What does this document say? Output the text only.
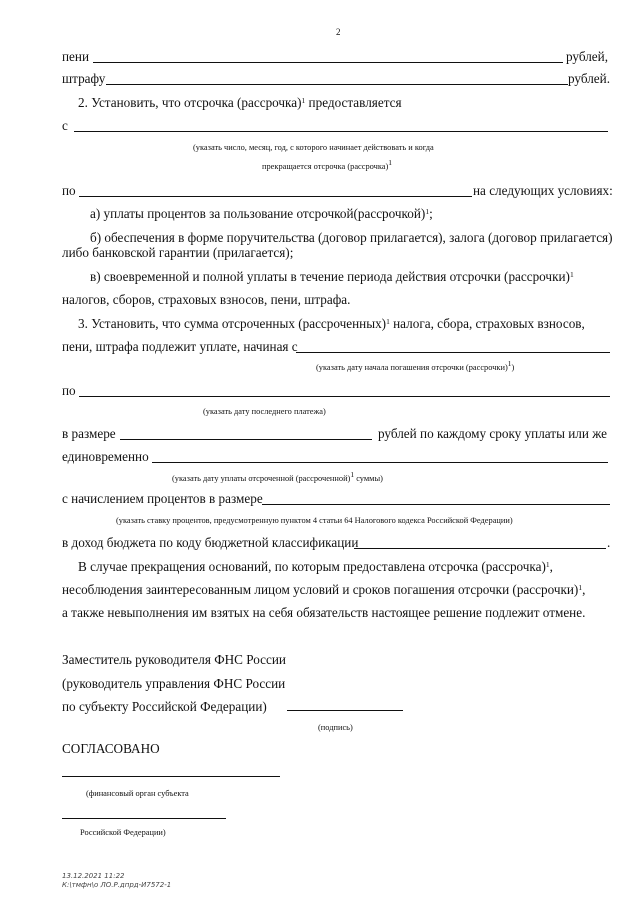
2
пени	рублей,
штрафу	рублей.
2. Установить, что отсрочка (рассрочка)$^1$ предоставляется
с
(указать число, месяц, год, с которого начинает действовать и когда
прекращается отсрочка (рассрочка)$^1$
по	на следующих условиях:
а) уплаты процентов за пользование отсрочкой(рассрочкой)$^1$;
б) обеспечения в форме поручительства (договор прилагается), залога (договор прилагается)
либо банковской гарантии (прилагается);
в) своевременной и полной уплаты в течение периода действия отсрочки (рассрочки)$^1$
налогов, сборов, страховых взносов, пени, штрафа.
3. Установить, что сумма отсроченных (рассроченных)$^1$ налога, сбора, страховых взносов,
пени, штрафа подлежит уплате, начиная с
(указать дату начала погашения отсрочки (рассрочки)$^1$)
по
(указать дату последнего платежа)
в размере	рублей по каждому сроку уплаты или же
единовременно
(указать дату уплаты отсроченной (рассроченной)$^1$ суммы)
с начислением процентов в размере
(указать ставку процентов, предусмотренную пунктом 4 статьи 64 Налогового кодекса Российской Федерации)
в доход бюджета по коду бюджетной классификации	.
В случае прекращения оснований, по которым предоставлена отсрочка (рассрочка)$^1$,
несоблюдения заинтересованным лицом условий и сроков погашения отсрочки (рассрочки)$^1$,
а также невыполнения им взятых на себя обязательств настоящее решение подлежит отмене.
Заместитель руководителя ФНС России
(руководитель управления ФНС России
по субъекту Российской Федерации)
(подпись)
СОГЛАСОВАНО
(финансовый орган субъекта
Российской Федерации)
13.12.2021 11:22
К:\тмфн\о ЛО.Р.дпрд-И7572-1
